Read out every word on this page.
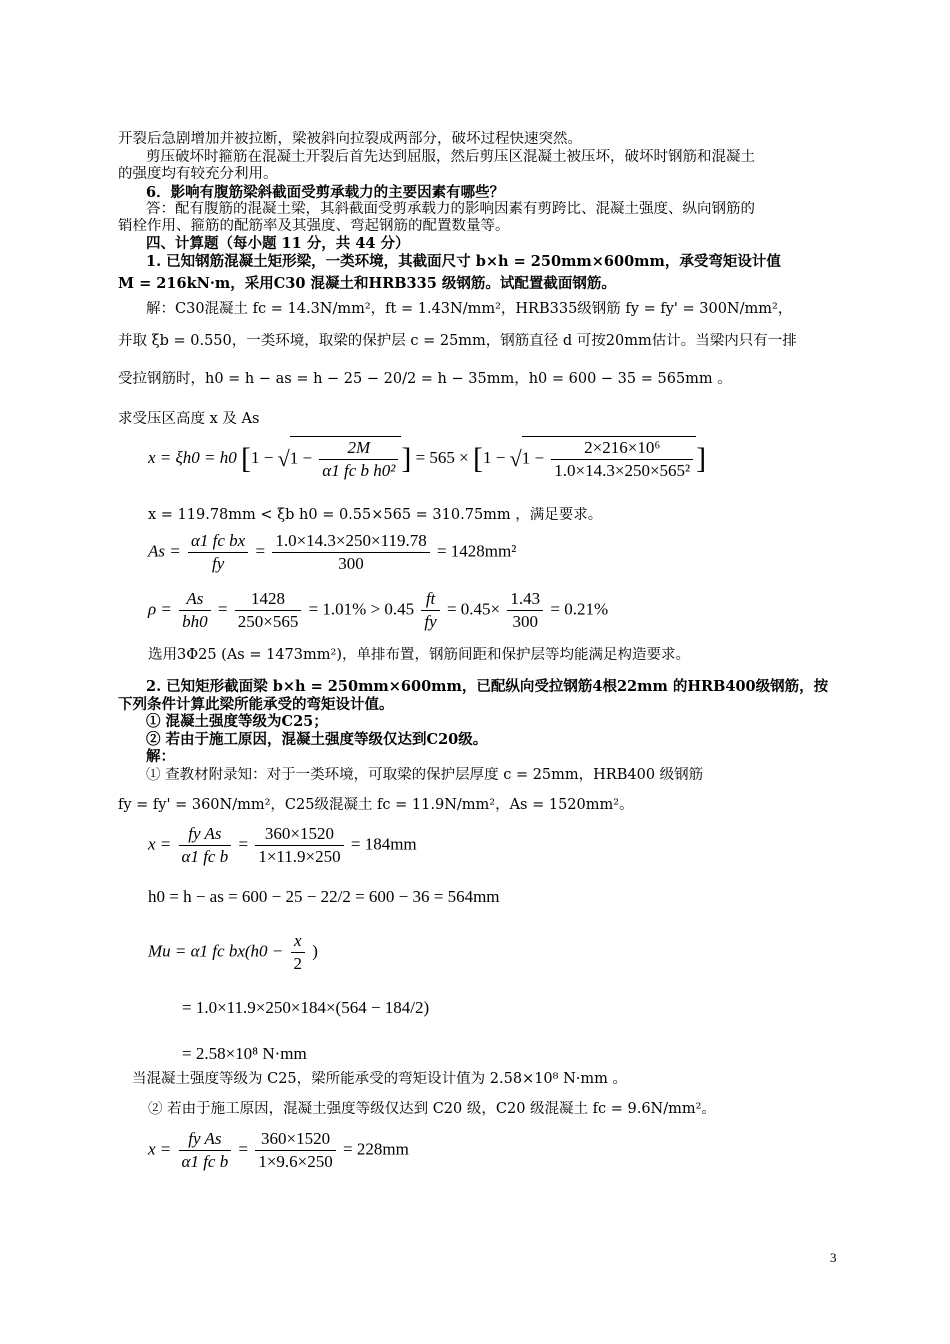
开裂后急剧增加并被拉断，梁被斜向拉裂成两部分，破坏过程快速突然。
剪压破坏时箍筋在混凝土开裂后首先达到屈服，然后剪压区混凝土被压坏，破坏时钢筋和混凝土
的强度均有较充分利用。
6．影响有腹筋梁斜截面受剪承载力的主要因素有哪些？
答：配有腹筋的混凝土梁，其斜截面受剪承载力的影响因素有剪跨比、混凝土强度、纵向钢筋的
销栓作用、箍筋的配筋率及其强度、弯起钢筋的配置数量等。
四、计算题（每小题 11 分，共 44 分）
1. 已知钢筋混凝土矩形梁，一类环境，其截面尺寸 b×h = 250mm×600mm，承受弯矩设计值
M = 216kN·m，采用C30 混凝土和HRB335 级钢筋。试配置截面钢筋。
解：C30混凝土 fc = 14.3N/mm²，ft = 1.43N/mm²，HRB335级钢筋 fy = fy' = 300N/mm²，
并取 ξb = 0.550，一类环境，取梁的保护层 c = 25mm，钢筋直径 d 可按20mm估计。当梁内只有一排
受拉钢筋时，h0 = h − as = h − 25 − 20/2 = h − 35mm，h0 = 600 − 35 = 565mm 。
求受压区高度 x 及 As
x = ξh0 = h0 [$1 - √1 - \frac{2M}{\text{α1 fc b h0²}}$ ] = $565 \times [1 - √1 - \frac{\text{2×216×10⁶}}{\text{1.0×14.3×250×565²}}$ ]
x = 119.78mm < ξb h0 = 0.55×565 = 310.75mm ，满足要求。
$As = \frac{\text{α1 fc bx}}{fy} = \frac{1.0\times 14.3\times 250\times 119.78}{300} = 1428mm^2$
$\rho = \frac{As}{bh0} = \frac{1428}{250\times 565} = 1.01\% > 0.45 \frac{ft}{fy} = 0.45\times \frac{1.43}{300} = 0.21\%$
选用3Φ25 (As = 1473mm²)，单排布置，钢筋间距和保护层等均能满足构造要求。
2. 已知矩形截面梁 b×h = 250mm×600mm，已配纵向受拉钢筋4根22mm 的HRB400级钢筋，按
下列条件计算此梁所能承受的弯矩设计值。
① 混凝土强度等级为C25；
② 若由于施工原因，混凝土强度等级仅达到C20级。
解：
① 查教材附录知：对于一类环境，可取梁的保护层厚度 c = 25mm，HRB400 级钢筋
fy = fy' = 360N/mm²，C25级混凝土 fc = 11.9N/mm²，As = 1520mm²。
$x = \frac{\text{fy As}}{\text{α1 fc b}} = \frac{360\times 1520}{1\times 11.9\times 250} = 184mm$
h0 = h − as = 600 − 25 − 22/2 = 600 − 36 = 564mm
Mu = α1 fc $bx(h0 - \frac{x}{2}$ )
= 1.0×11.9×250×184×(564 − 184/2)
= 2.58×10⁸ N·mm
当混凝土强度等级为 C25，梁所能承受的弯矩设计值为 2.58×10⁸ N·mm 。
② 若由于施工原因，混凝土强度等级仅达到 C20 级，C20 级混凝土 fc = 9.6N/mm²。
$x = \frac{\text{fy As}}{\text{α1 fc b}} = \frac{360\times 1520}{1\times 9.6\times 250} = 228mm$
3
